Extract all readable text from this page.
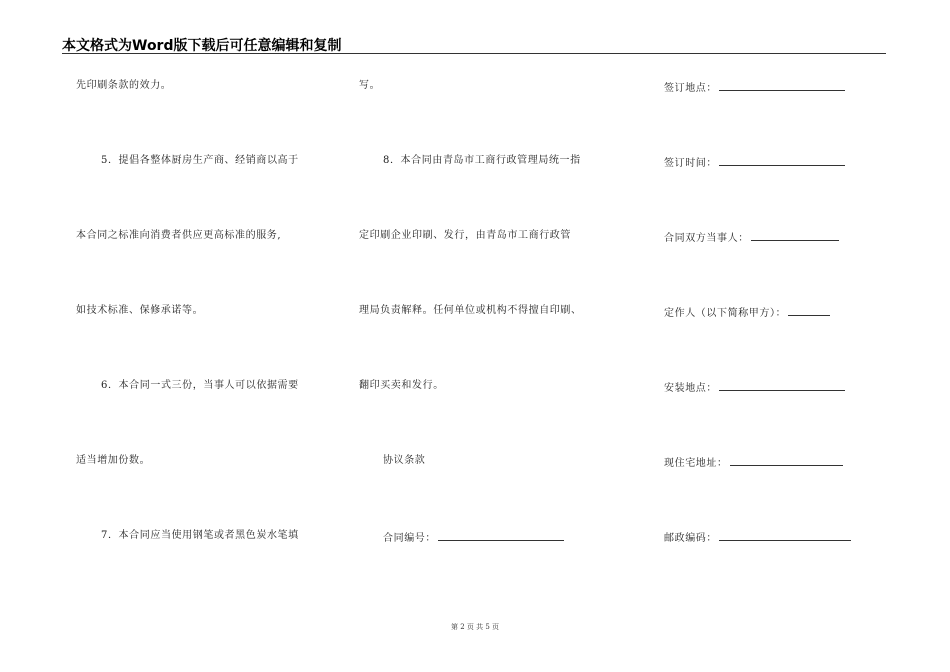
本文格式为Word版下载后可任意编辑和复制
先印刷条款的效力。
5．提倡各整体厨房生产商、经销商以高于
本合同之标准向消费者供应更高标准的服务,
如技术标准、保修承诺等。
6．本合同一式三份，当事人可以依据需要
适当增加份数。
7．本合同应当使用钢笔或者黑色炭水笔填
写。
8．本合同由青岛市工商行政管理局统一指
定印刷企业印刷、发行，由青岛市工商行政管
理局负责解释。任何单位或机构不得擅自印刷、
翻印买卖和发行。
协议条款
合同编号：
签订地点：
签订时间：
合同双方当事人：
定作人（以下简称甲方）：
安装地点：
现住宅地址：
邮政编码：
第 2 页 共 5 页
